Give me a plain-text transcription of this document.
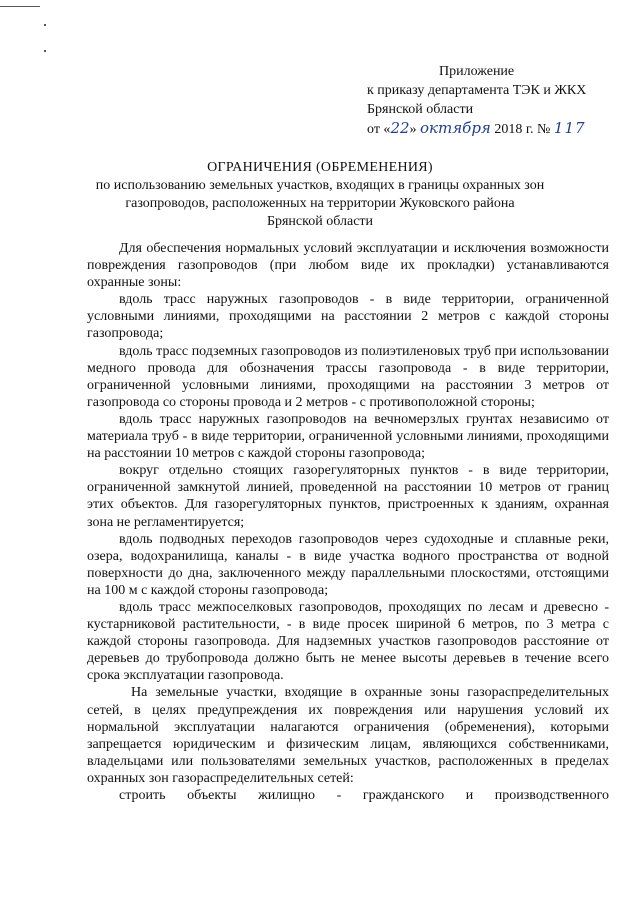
Приложение
к приказу департамента ТЭК и ЖКХ
Брянской области
от «22» октября 2018 г. № 117
ОГРАНИЧЕНИЯ (ОБРЕМЕНЕНИЯ)
по использованию земельных участков, входящих в границы охранных зон
газопроводов, расположенных на территории Жуковского района
Брянской области

Для обеспечения нормальных условий эксплуатации и исключения возможности повреждения газопроводов (при любом виде их прокладки) устанавливаются охранные зоны:

вдоль трасс наружных газопроводов - в виде территории, ограниченной условными линиями, проходящими на расстоянии 2 метров с каждой стороны газопровода;

вдоль трасс подземных газопроводов из полиэтиленовых труб при использовании медного провода для обозначения трассы газопровода - в виде территории, ограниченной условными линиями, проходящими на расстоянии 3 метров от газопровода со стороны провода и 2 метров - с противоположной стороны;

вдоль трасс наружных газопроводов на вечномерзлых грунтах независимо от материала труб - в виде территории, ограниченной условными линиями, проходящими на расстоянии 10 метров с каждой стороны газопровода;

вокруг отдельно стоящих газорегуляторных пунктов - в виде территории, ограниченной замкнутой линией, проведенной на расстоянии 10 метров от границ этих объектов. Для газорегуляторных пунктов, пристроенных к зданиям, охранная зона не регламентируется;

вдоль подводных переходов газопроводов через судоходные и сплавные реки, озера, водохранилища, каналы - в виде участка водного пространства от водной поверхности до дна, заключенного между параллельными плоскостями, отстоящими на 100 м с каждой стороны газопровода;

вдоль трасс межпоселковых газопроводов, проходящих по лесам и древесно - кустарниковой растительности, - в виде просек шириной 6 метров, по 3 метра с каждой стороны газопровода. Для надземных участков газопроводов расстояние от деревьев до трубопровода должно быть не менее высоты деревьев в течение всего срока эксплуатации газопровода.

На земельные участки, входящие в охранные зоны газораспределительных сетей, в целях предупреждения их повреждения или нарушения условий их нормальной эксплуатации налагаются ограничения (обременения), которыми запрещается юридическим и физическим лицам, являющихся собственниками, владельцами или пользователями земельных участков, расположенных в пределах охранных зон газораспределительных сетей:

строить объекты жилищно - гражданского и производственного
